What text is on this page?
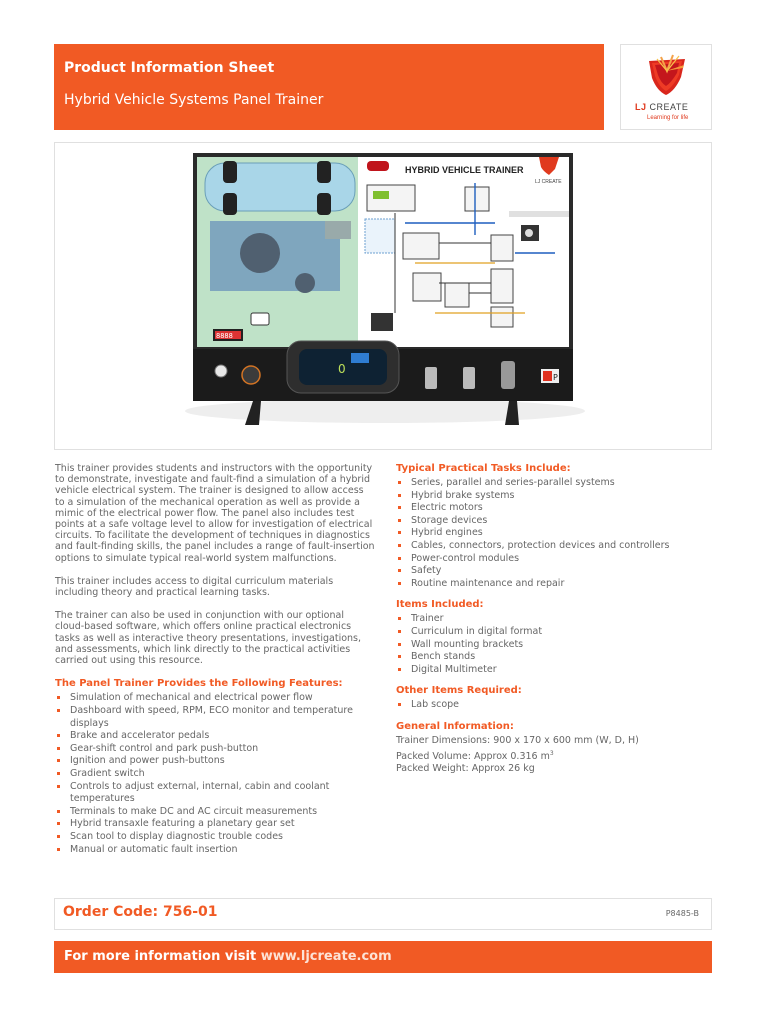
Product Information Sheet
Hybrid Vehicle Systems Panel Trainer	LJ CREATE
Learning for life
8888
HYBRID VEHICLE TRAINER
LJ CREATE
0
P

This trainer provides students and instructors with the opportunity to demonstrate, investigate and fault-find a simulation of a hybrid vehicle electrical system. The trainer is designed to allow access to a simulation of the mechanical operation as well as provide a mimic of the electrical power flow. The panel also includes test points at a safe voltage level to allow for investigation of electrical circuits. To facilitate the development of techniques in diagnostics and fault-finding skills, the panel includes a range of fault-insertion options to simulate typical real-world system malfunctions.

This trainer includes access to digital curriculum materials including theory and practical learning tasks.

The trainer can also be used in conjunction with our optional cloud-based software, which offers online practical electronics tasks as well as interactive theory presentations, investigations, and assessments, which link directly to the practical activities carried out using this resource.

The Panel Trainer Provides the Following Features:
Simulation of mechanical and electrical power flow
Dashboard with speed, RPM, ECO monitor and temperature displays
Brake and accelerator pedals
Gear-shift control and park push-button
Ignition and power push-buttons
Gradient switch
Controls to adjust external, internal, cabin and coolant temperatures
Terminals to make DC and AC circuit measurements
Hybrid transaxle featuring a planetary gear set
Scan tool to display diagnostic trouble codes
Manual or automatic fault insertion
Typical Practical Tasks Include:
Series, parallel and series-parallel systems
Hybrid brake systems
Electric motors
Storage devices
Hybrid engines
Cables, connectors, protection devices and controllers
Power-control modules
Safety
Routine maintenance and repair
Items Included:
Trainer
Curriculum in digital format
Wall mounting brackets
Bench stands
Digital Multimeter
Other Items Required:
Lab scope
General Information:
Trainer Dimensions: 900 x 170 x 600 mm (W, D, H)
Packed Volume: Approx 0.316 $m^3$
Packed Weight: Approx 26 kg
Order Code: 756-01	P8485-B
For more information visit www.ljcreate.com
